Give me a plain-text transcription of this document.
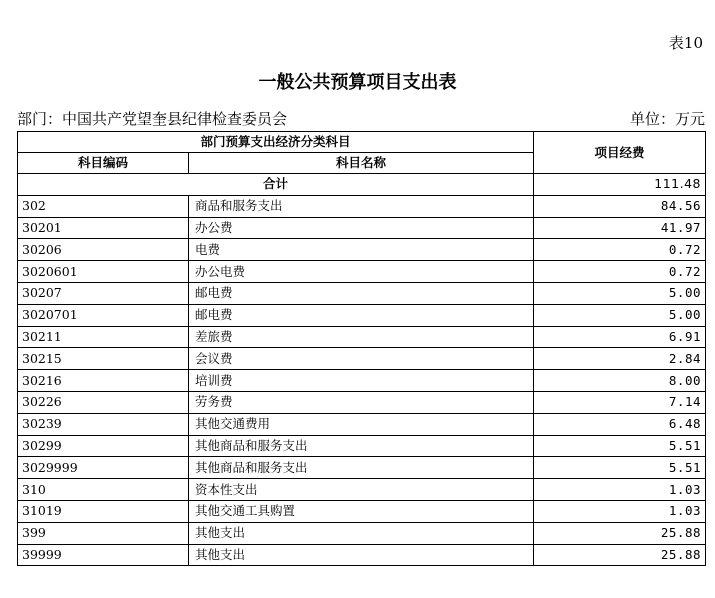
表10
一般公共预算项目支出表
部门：中国共产党望奎县纪律检查委员会	单位：万元
部门预算支出经济分类科目		项目经费
科目编码	科目名称	
合计		111.48
302	商品和服务支出	84.56
30201	办公费	41.97
30206	电费	0.72
3020601	办公电费	0.72
30207	邮电费	5.00
3020701	邮电费	5.00
30211	差旅费	6.91
30215	会议费	2.84
30216	培训费	8.00
30226	劳务费	7.14
30239	其他交通费用	6.48
30299	其他商品和服务支出	5.51
3029999	其他商品和服务支出	5.51
310	资本性支出	1.03
31019	其他交通工具购置	1.03
399	其他支出	25.88
39999	其他支出	25.88
